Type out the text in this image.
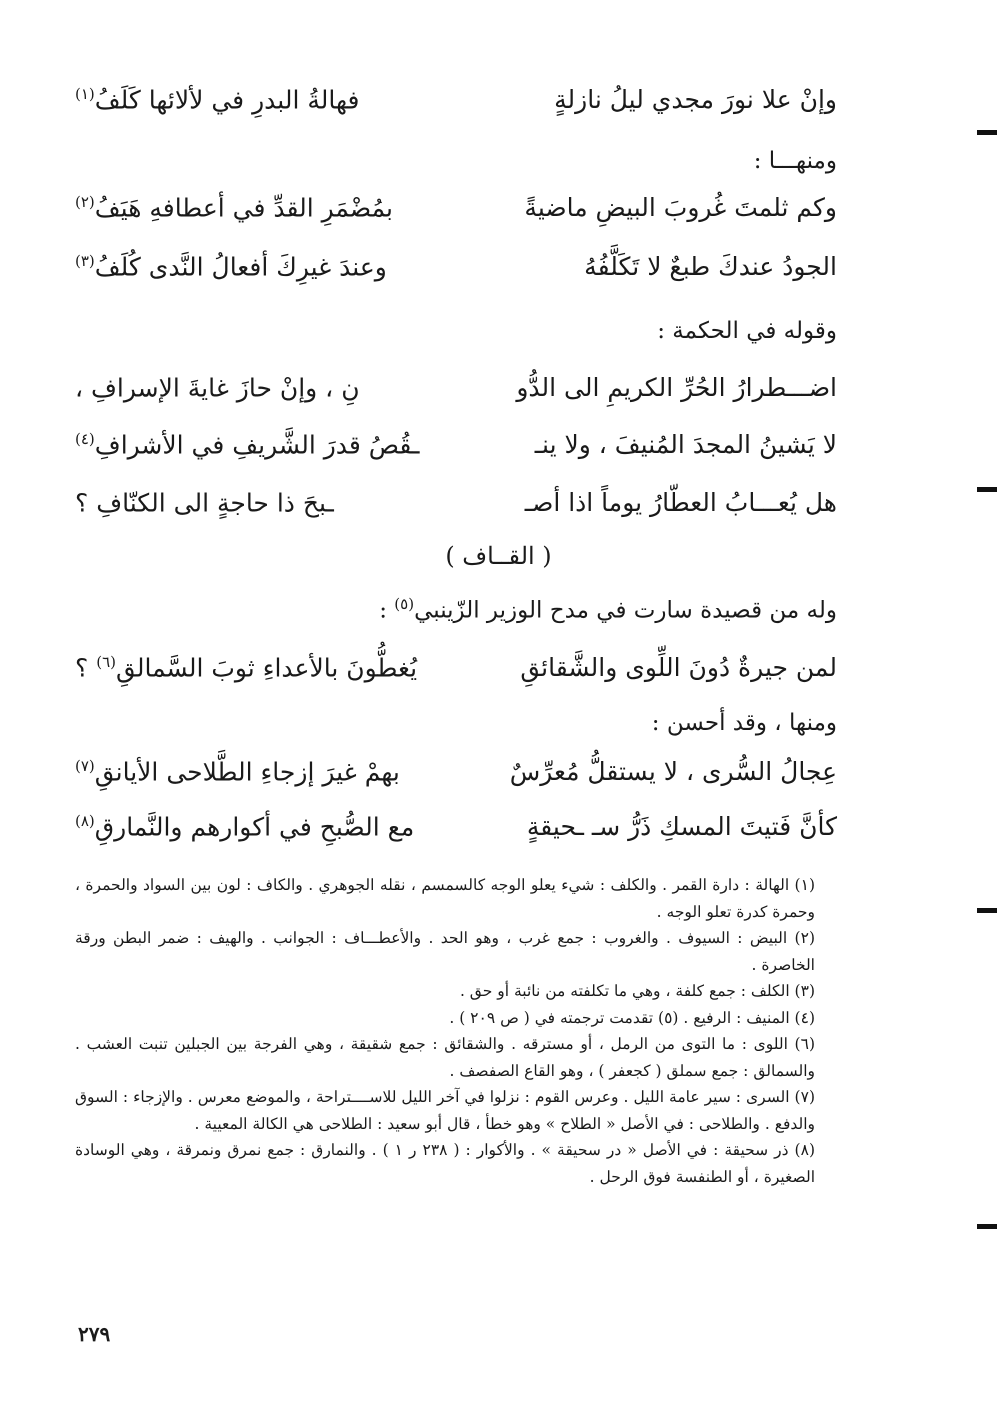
وإنْ علا نورَ مجدي ليلُ نازلةٍ
فهالةُ البدرِ في لألائها كَلَفُ$^{(١)}$
ومنهـــا :
وكم ثلمتَ غُروبَ البيضِ ماضيةً
بمُضْمَرِ القدِّ في أعطافهِ هَيَفُ$^{(٢)}$
الجودُ عندكَ طبعٌ لا تَكَلَّفُهُ
وعندَ غيرِكَ أفعالُ النَّدى كُلَفُ$^{(٣)}$
وقوله في الحكمة :
اضـــطرارُ الحُرِّ الكريمِ الى الدُّو
نِ ، وإنْ حازَ غايةَ الإسرافِ ،
لا يَشينُ المجدَ المُنيفَ ، ولا ينـ
ـقُصُ قدرَ الشَّريفِ في الأشرافِ$^{(٤)}$
هل يُعـــابُ العطّارُ يوماً اذا أصـ
ـبحَ ذا حاجةٍ الى الكنّافِ ؟
( القــاف )
وله من قصيدة سارت في مدح الوزير الزّينبي$^{(٥)}$ :
لمن جيرةٌ دُونَ اللِّوى والشَّقائقِ
يُغطُّونَ بالأعداءِ ثوبَ السَّمالقِ$^{(٦)}$ ؟
ومنها ، وقد أحسن :
عِجالُ السُّرى ، لا يستقلُّ مُعرِّسٌ
بهمْ غيرَ إزجاءِ الطَّلاحى الأيانقِ$^{(٧)}$
كأنَّ فَتيتَ المسكِ ذَرُّ سـ ـحيقةٍ
مع الصُّبحِ في أكوارهم والنَّمارقِ$^{(٨)}$

(١) الهالة : دارة القمر . والكلف : شيء يعلو الوجه كالسمسم ، نقله الجوهري . والكاف : لون بين السواد والحمرة ، وحمرة كدرة تعلو الوجه .

(٢) البيض : السيوف . والغروب : جمع غرب ، وهو الحد . والأعطـــاف : الجوانب . والهيف : ضمر البطن ورقة الخاصرة .

(٣) الكلف : جمع كلفة ، وهي ما تكلفته من نائبة أو حق .

(٤) المنيف : الرفيع . (٥) تقدمت ترجمته في ( ص ٢٠٩ ) .

(٦) اللوى : ما التوى من الرمل ، أو مسترقه . والشقائق : جمع شقيقة ، وهي الفرجة بين الجبلين تنبت العشب . والسمالق : جمع سملق ( كجعفر ) ، وهو القاع الصفصف .

(٧) السرى : سير عامة الليل . وعرس القوم : نزلوا في آخر الليل للاســــتراحة ، والموضع معرس . والإزجاء : السوق والدفع . والطلاحى : في الأصل « الطلاح » وهو خطأ ، قال أبو سعيد : الطلاحى هي الكالة المعيية .

(٨) ذر سحيقة : في الأصل « در سحيقة » . والأكوار : ( ٢٣٨ ر ١ ) . والنمارق : جمع نمرق ونمرقة ، وهي الوسادة الصغيرة ، أو الطنفسة فوق الرحل .

٢٧٩
